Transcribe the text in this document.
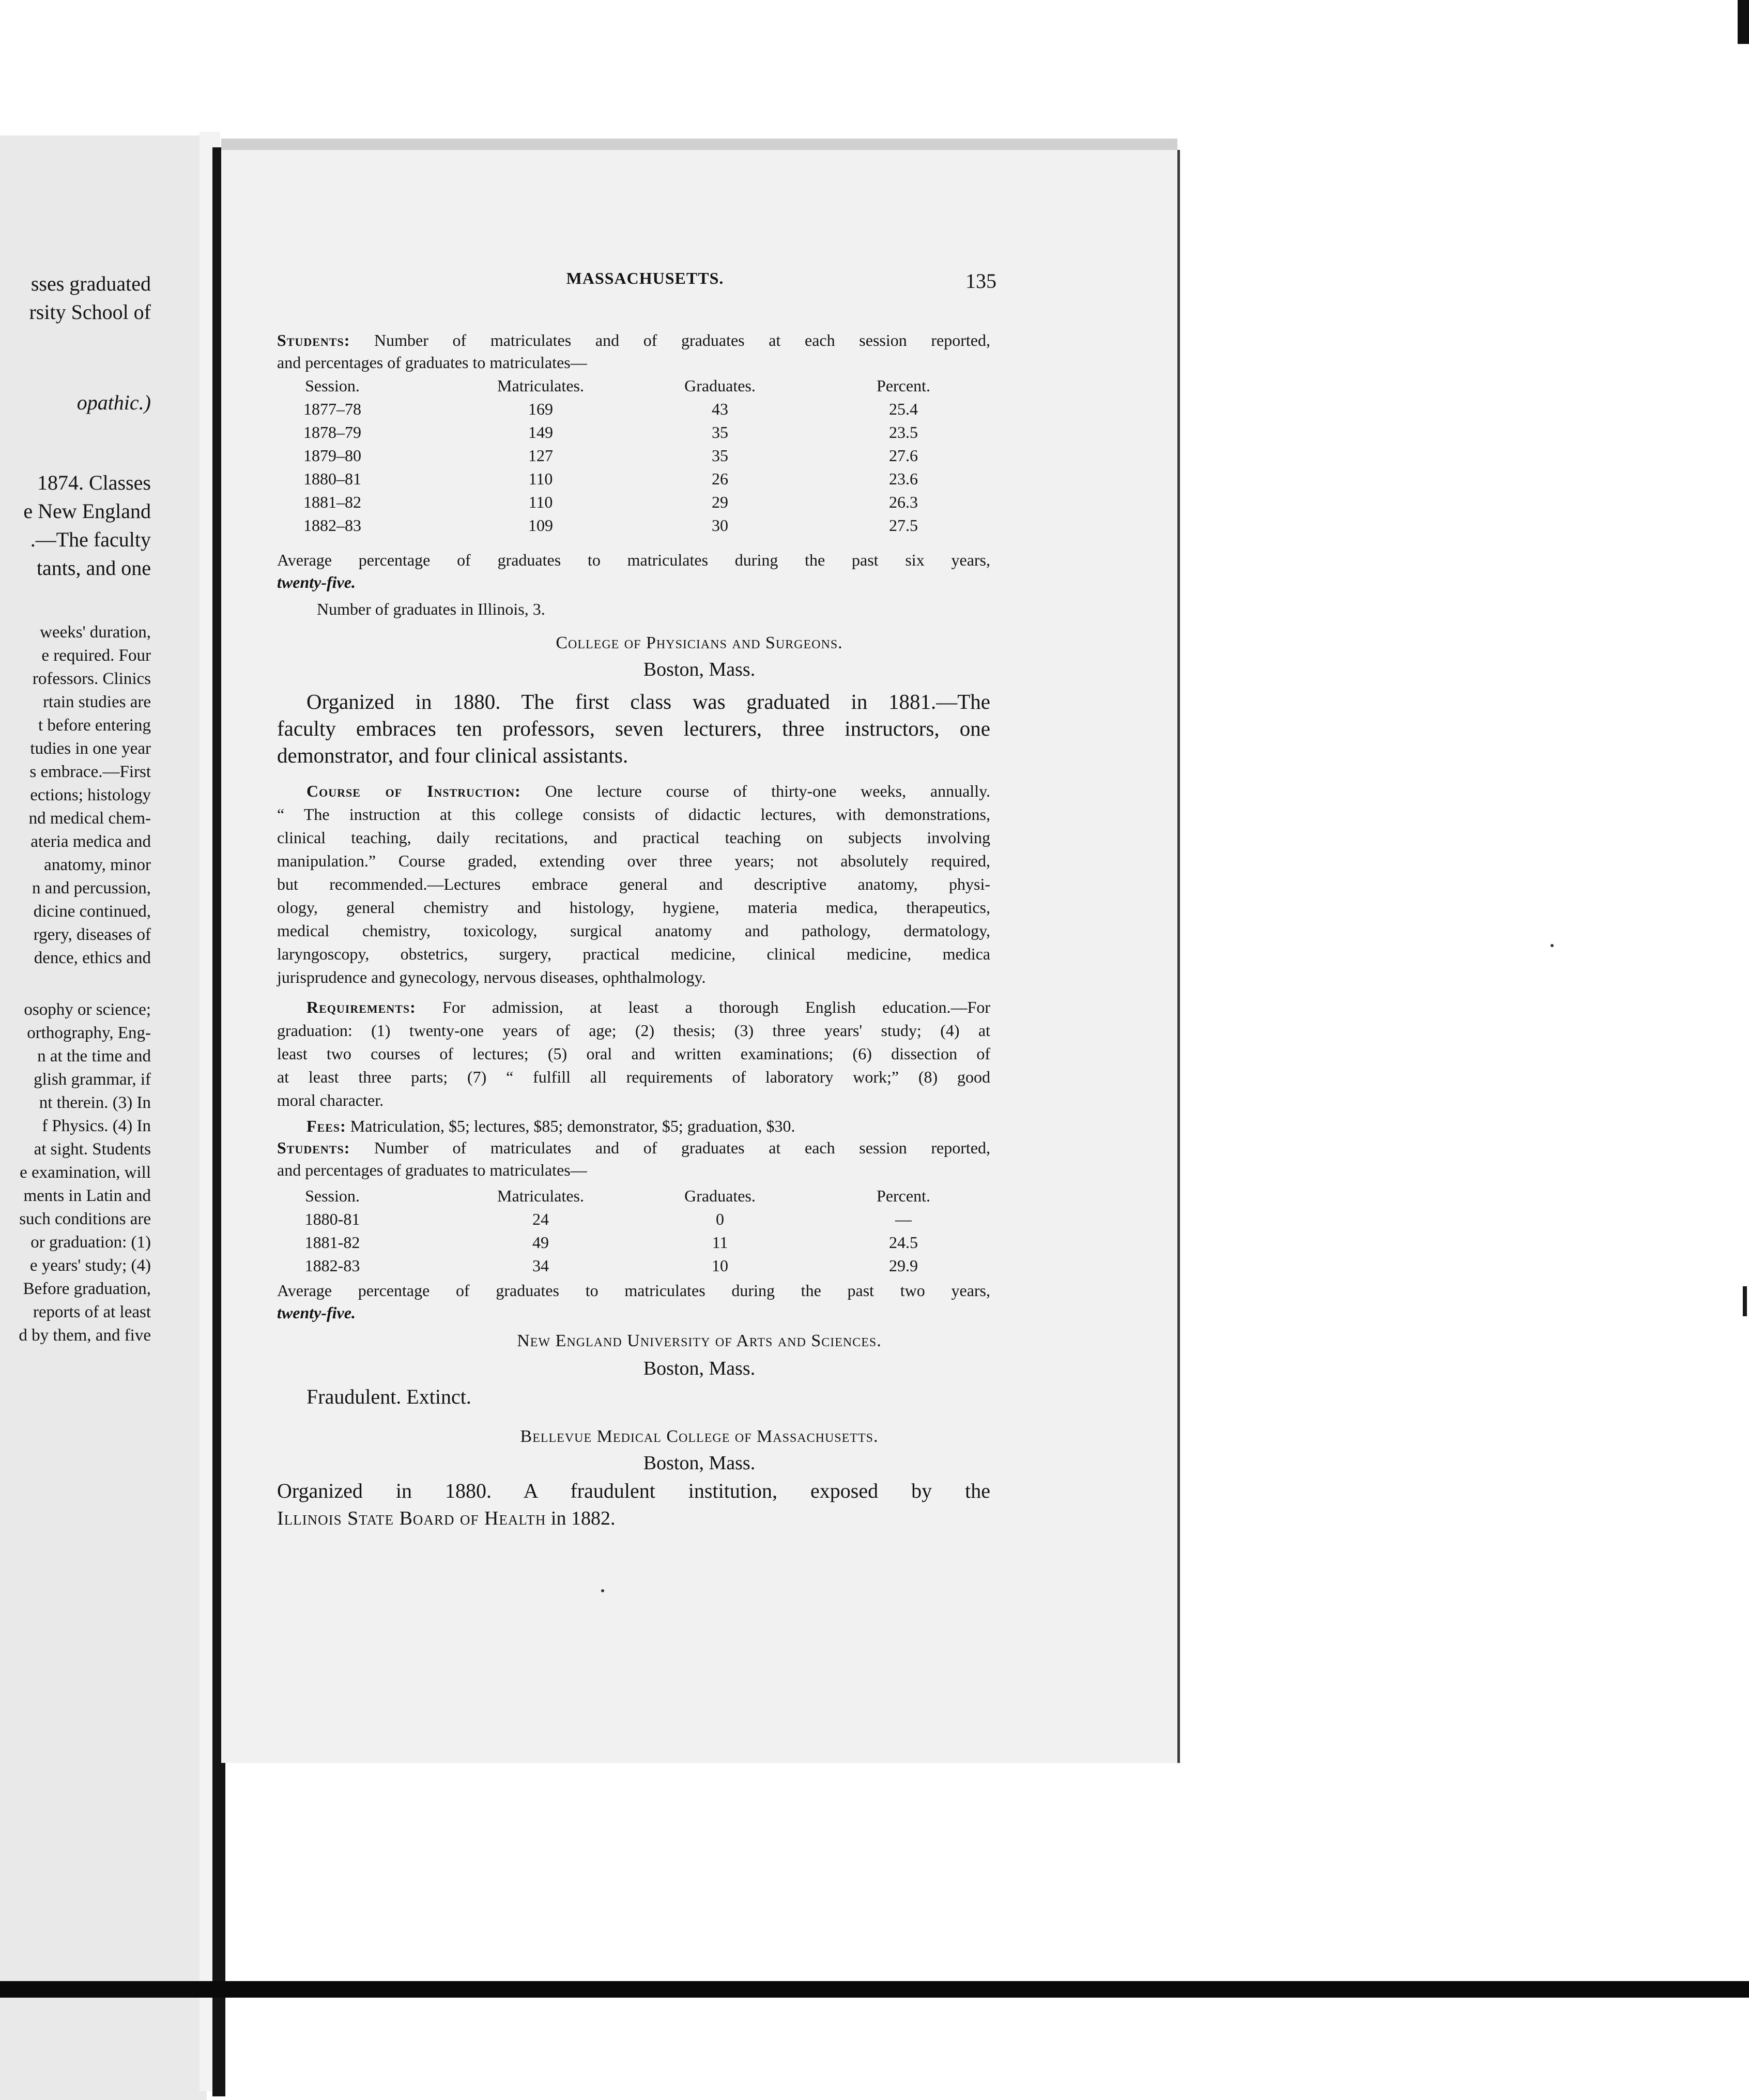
sses graduated
rsity School of
opathic.)
1874. Classes
e New England
.—The faculty
tants, and one
weeks' duration,
e required. Four
rofessors. Clinics
rtain studies are
t before entering
tudies in one year
s embrace.—First
ections; histology
nd medical chem-
ateria medica and
anatomy, minor
n and percussion,
dicine continued,
rgery, diseases of
dence, ethics and
osophy or science;
orthography, Eng-
n at the time and
glish grammar, if
nt therein. (3) In
f Physics. (4) In
at sight. Students
e examination, will
ments in Latin and
such conditions are
or graduation: (1)
e years' study; (4)
Before graduation,
reports of at least
d by them, and five
MASSACHUSETTS.	135
Students: Number of matriculates and of graduates at each session reported,
and percentages of graduates to matriculates—
Session.	Matriculates.	Graduates.	Percent.
1877–78	169	43	25.4
1878–79	149	35	23.5
1879–80	127	35	27.6
1880–81	110	26	23.6
1881–82	110	29	26.3
1882–83	109	30	27.5
Average percentage of graduates to matriculates during the past six years,
twenty-five.
Number of graduates in Illinois, 3.
College of Physicians and Surgeons.
Boston, Mass.
Organized in 1880. The first class was graduated in 1881.—The
faculty embraces ten professors, seven lecturers, three instructors, one
demonstrator, and four clinical assistants.
Course of Instruction: One lecture course of thirty-one weeks, annually.
“ The instruction at this college consists of didactic lectures, with demonstrations,
clinical teaching, daily recitations, and practical teaching on subjects involving
manipulation.” Course graded, extending over three years; not absolutely required,
but recommended.—Lectures embrace general and descriptive anatomy, physi-
ology, general chemistry and histology, hygiene, materia medica, therapeutics,
medical chemistry, toxicology, surgical anatomy and pathology, dermatology,
laryngoscopy, obstetrics, surgery, practical medicine, clinical medicine, medica
jurisprudence and gynecology, nervous diseases, ophthalmology.
Requirements: For admission, at least a thorough English education.—For
graduation: (1) twenty-one years of age; (2) thesis; (3) three years' study; (4) at
least two courses of lectures; (5) oral and written examinations; (6) dissection of
at least three parts; (7) “ fulfill all requirements of laboratory work;” (8) good
moral character.
Fees: Matriculation, $5; lectures, $85; demonstrator, $5; graduation, $30.
Students: Number of matriculates and of graduates at each session reported,
and percentages of graduates to matriculates—
Session.	Matriculates.	Graduates.	Percent.
1880-81	24	0	—
1881-82	49	11	24.5
1882-83	34	10	29.9
Average percentage of graduates to matriculates during the past two years,
twenty-five.
New England University of Arts and Sciences.
Boston, Mass.
Fraudulent. Extinct.
Bellevue Medical College of Massachusetts.
Boston, Mass.
Organized in 1880. A fraudulent institution, exposed by the
Illinois State Board of Health in 1882.
